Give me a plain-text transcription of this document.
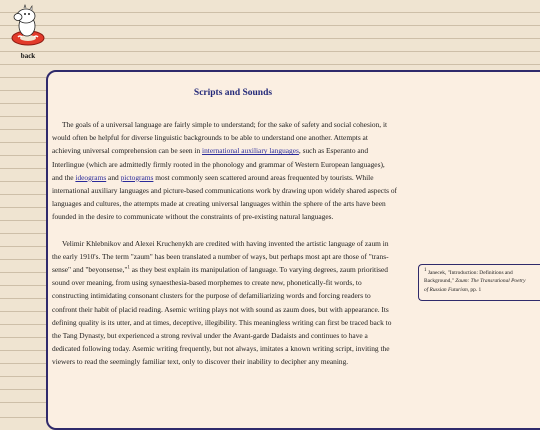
back
Scripts and Sounds

The goals of a universal language are fairly simple to understand; for the sake of safety and social cohesion, it would often be helpful for diverse linguistic backgrounds to be able to understand one another. Attempts at achieving universal comprehension can be seen in international auxiliary languages, such as Esperanto and Interlingue (which are admittedly firmly rooted in the phonology and grammar of Western European languages), and the ideograms and pictograms most commonly seen scattered around areas frequented by tourists. While international auxiliary languages and picture-based communications work by drawing upon widely shared aspects of languages and cultures, the attempts made at creating universal languages within the sphere of the arts have been founded in the desire to communicate without the constraints of pre-existing natural languages.

Velimir Khlebnikov and Alexei Kruchenykh are credited with having invented the artistic language of zaum in the early 1910's. The term "zaum" has been translated a number of ways, but perhaps most apt are those of "trans-sense" and "beyonsense,"$^1$ as they best explain its manipulation of language. To varying degrees, zaum prioritised sound over meaning, from using synaesthesia-based morphemes to create new, phonetically-fit words, to constructing intimidating consonant clusters for the purpose of defamiliarizing words and forcing readers to confront their habit of placid reading. Asemic writing plays not with sound as zaum does, but with appearance. Its defining quality is its utter, and at times, deceptive, illegibility. This meaningless writing can first be traced back to the Tang Dynasty, but experienced a strong revival under the Avant-garde Dadaists and continues to have a dedicated following today. Asemic writing frequently, but not always, imitates a known writing script, inviting the viewers to read the seemingly familiar text, only to discover their inability to decipher any meaning.

1 Janecek, "Introduction: Definitions and
Background," Zaum: The Transrational Poetry
of Russian Futurism, pp. 1
